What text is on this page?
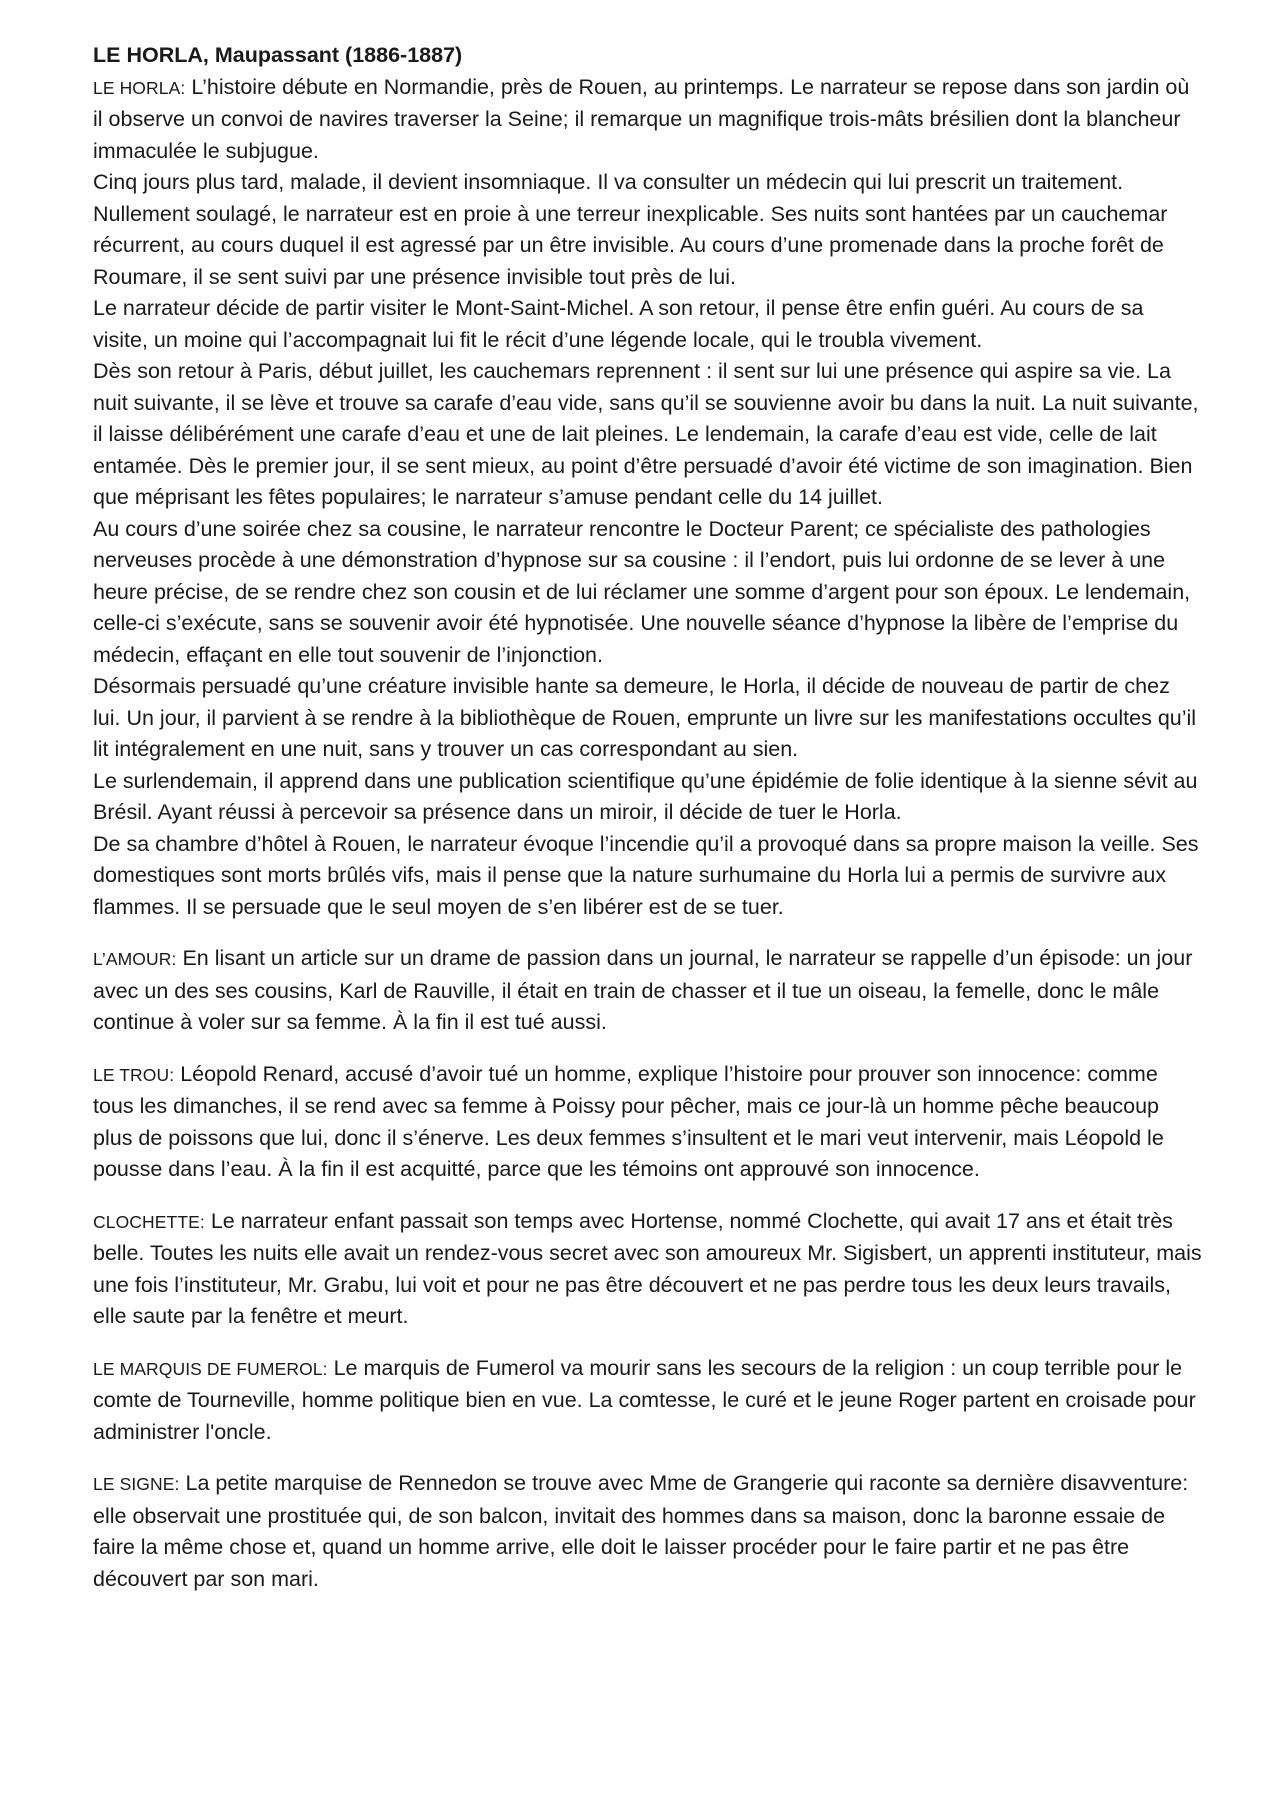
LE HORLA, Maupassant (1886-1887)

LE HORLA: L’histoire débute en Normandie, près de Rouen, au printemps. Le narrateur se repose dans son jardin où il observe un convoi de navires traverser la Seine; il remarque un magnifique trois-mâts brésilien dont la blancheur immaculée le subjugue.

Cinq jours plus tard, malade, il devient insomniaque. Il va consulter un médecin qui lui prescrit un traitement. Nullement soulagé, le narrateur est en proie à une terreur inexplicable. Ses nuits sont hantées par un cauchemar récurrent, au cours duquel il est agressé par un être invisible. Au cours d’une promenade dans la proche forêt de Roumare, il se sent suivi par une présence invisible tout près de lui.

Le narrateur décide de partir visiter le Mont-Saint-Michel. A son retour, il pense être enfin guéri. Au cours de sa visite, un moine qui l’accompagnait lui fit le récit d’une légende locale, qui le troubla vivement.

Dès son retour à Paris, début juillet, les cauchemars reprennent : il sent sur lui une présence qui aspire sa vie. La nuit suivante, il se lève et trouve sa carafe d’eau vide, sans qu’il se souvienne avoir bu dans la nuit. La nuit suivante, il laisse délibérément une carafe d’eau et une de lait pleines. Le lendemain, la carafe d’eau est vide, celle de lait entamée. Dès le premier jour, il se sent mieux, au point d’être persuadé d’avoir été victime de son imagination. Bien que méprisant les fêtes populaires; le narrateur s’amuse pendant celle du 14 juillet.

Au cours d’une soirée chez sa cousine, le narrateur rencontre le Docteur Parent; ce spécialiste des pathologies nerveuses procède à une démonstration d’hypnose sur sa cousine : il l’endort, puis lui ordonne de se lever à une heure précise, de se rendre chez son cousin et de lui réclamer une somme d’argent pour son époux. Le lendemain, celle-ci s’exécute, sans se souvenir avoir été hypnotisée. Une nouvelle séance d’hypnose la libère de l’emprise du médecin, effaçant en elle tout souvenir de l’injonction.

Désormais persuadé qu’une créature invisible hante sa demeure, le Horla, il décide de nouveau de partir de chez lui. Un jour, il parvient à se rendre à la bibliothèque de Rouen, emprunte un livre sur les manifestations occultes qu’il lit intégralement en une nuit, sans y trouver un cas correspondant au sien.

Le surlendemain, il apprend dans une publication scientifique qu’une épidémie de folie identique à la sienne sévit au Brésil. Ayant réussi à percevoir sa présence dans un miroir, il décide de tuer le Horla.

De sa chambre d’hôtel à Rouen, le narrateur évoque l’incendie qu’il a provoqué dans sa propre maison la veille. Ses domestiques sont morts brûlés vifs, mais il pense que la nature surhumaine du Horla lui a permis de survivre aux flammes. Il se persuade que le seul moyen de s’en libérer est de se tuer.

L’AMOUR: En lisant un article sur un drame de passion dans un journal, le narrateur se rappelle d’un épisode: un jour avec un des ses cousins, Karl de Rauville, il était en train de chasser et il tue un oiseau, la femelle, donc le mâle continue à voler sur sa femme. À la fin il est tué aussi.

LE TROU: Léopold Renard, accusé d’avoir tué un homme, explique l’histoire pour prouver son innocence: comme tous les dimanches, il se rend avec sa femme à Poissy pour pêcher, mais ce jour-là un homme pêche beaucoup plus de poissons que lui, donc il s’énerve. Les deux femmes s’insultent et le mari veut intervenir, mais Léopold le pousse dans l’eau. À la fin il est acquitté, parce que les témoins ont approuvé son innocence.

CLOCHETTE: Le narrateur enfant passait son temps avec Hortense, nommé Clochette, qui avait 17 ans et était très belle. Toutes les nuits elle avait un rendez-vous secret avec son amoureux Mr. Sigisbert, un apprenti instituteur, mais une fois l’instituteur, Mr. Grabu, lui voit et pour ne pas être découvert et ne pas perdre tous les deux leurs travails, elle saute par la fenêtre et meurt.

LE MARQUIS DE FUMEROL: Le marquis de Fumerol va mourir sans les secours de la religion : un coup terrible pour le comte de Tourneville, homme politique bien en vue. La comtesse, le curé et le jeune Roger partent en croisade pour administrer l'oncle.

LE SIGNE: La petite marquise de Rennedon se trouve avec Mme de Grangerie qui raconte sa dernière disavventure: elle observait une prostituée qui, de son balcon, invitait des hommes dans sa maison, donc la baronne essaie de faire la même chose et, quand un homme arrive, elle doit le laisser procéder pour le faire partir et ne pas être découvert par son mari.
